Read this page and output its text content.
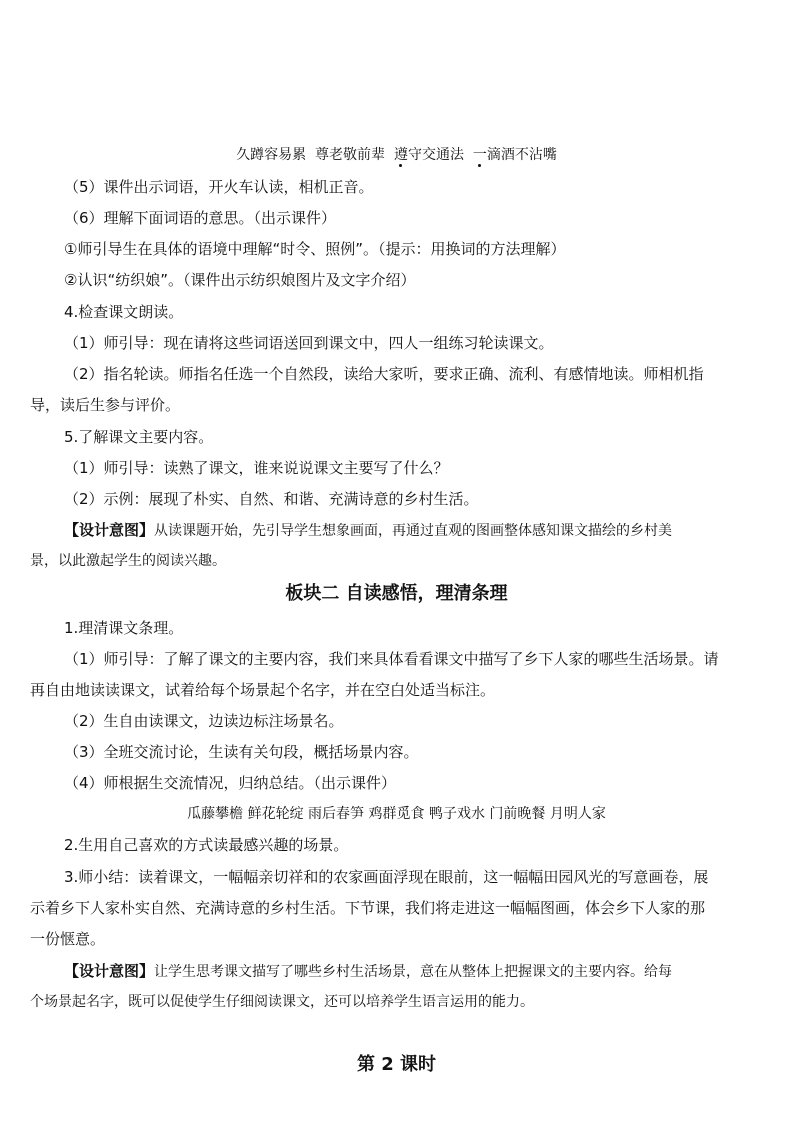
久蹲容易累 尊老敬前辈 遵守交通法 一滴酒不沾嘴
（5）课件出示词语，开火车认读，相机正音。
（6）理解下面词语的意思。（出示课件）
①师引导生在具体的语境中理解“时令、照例”。（提示：用换词的方法理解）
②认识“纺织娘”。（课件出示纺织娘图片及文字介绍）
4.检查课文朗读。
（1）师引导：现在请将这些词语送回到课文中，四人一组练习轮读课文。
（2）指名轮读。师指名任选一个自然段，读给大家听，要求正确、流利、有感情地读。师相机指
导，读后生参与评价。
5.了解课文主要内容。
（1）师引导：读熟了课文，谁来说说课文主要写了什么？
（2）示例：展现了朴实、自然、和谐、充满诗意的乡村生活。
【设计意图】从读课题开始，先引导学生想象画面，再通过直观的图画整体感知课文描绘的乡村美
景，以此激起学生的阅读兴趣。
板块二 自读感悟，理清条理
1.理清课文条理。
（1）师引导：了解了课文的主要内容，我们来具体看看课文中描写了乡下人家的哪些生活场景。请
再自由地读读课文，试着给每个场景起个名字，并在空白处适当标注。
（2）生自由读课文，边读边标注场景名。
（3）全班交流讨论，生读有关句段，概括场景内容。
（4）师根据生交流情况，归纳总结。（出示课件）
瓜藤攀檐 鲜花轮绽 雨后春笋 鸡群觅食 鸭子戏水 门前晚餐 月明人家
2.生用自己喜欢的方式读最感兴趣的场景。
3.师小结：读着课文，一幅幅亲切祥和的农家画面浮现在眼前，这一幅幅田园风光的写意画卷，展
示着乡下人家朴实自然、充满诗意的乡村生活。下节课，我们将走进这一幅幅图画，体会乡下人家的那
一份惬意。
【设计意图】让学生思考课文描写了哪些乡村生活场景，意在从整体上把握课文的主要内容。给每
个场景起名字，既可以促使学生仔细阅读课文，还可以培养学生语言运用的能力。
第 2 课时
